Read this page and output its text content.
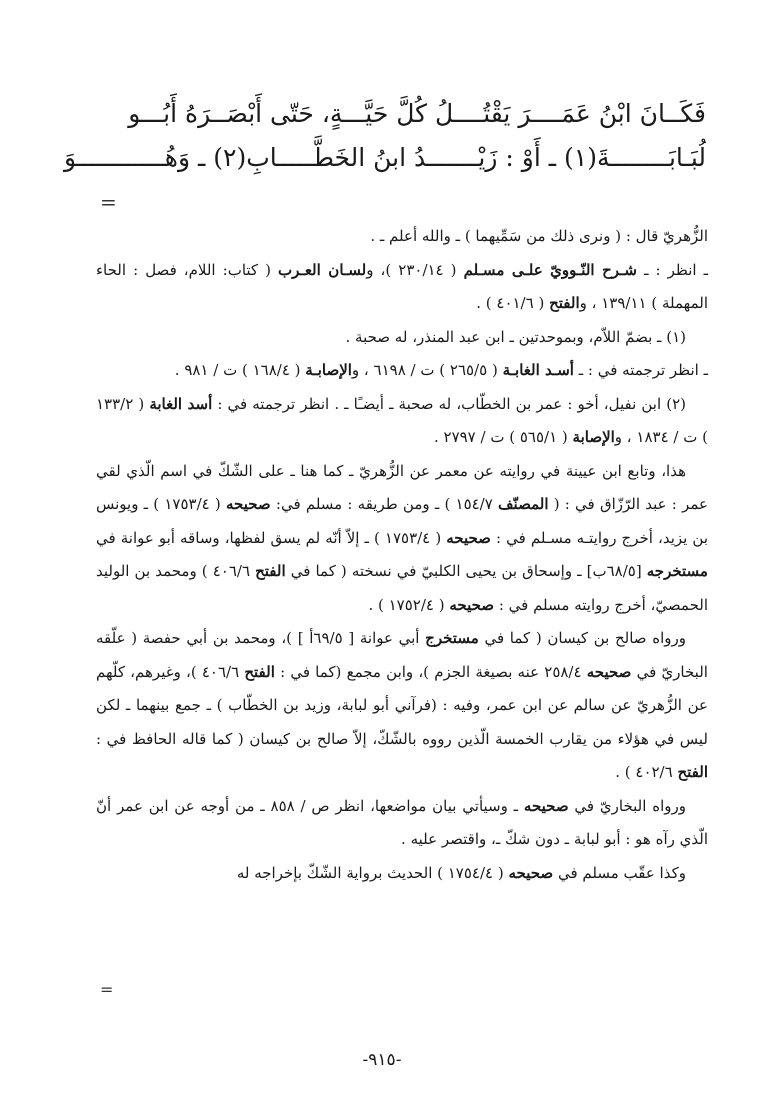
فَكَــانَ ابْنُ عَمَــــرَ يَقْتُــــلُ كُلَّ حَيَّـــةٍ، حَتّى أَبْصَــرَهُ أَبُـــو
لُبَـابَــــــــةَ(١) ـ أَوْ : زَيْـــــــدُ ابنُ الخَطَّـــــابِ(٢) ـ وَهُــــــــــــوَ
=

الزُّهريّ قال : ( ونرى ذلك من سَمِّيهما ) ـ والله أعلم ـ .

ـ انظر : ـ شـرح النّـوويّ علـى مسـلم ( ٢٣٠/١٤ )، ولسـان العـرب ( كتاب: اللام، فصل : الحاء المهملة ) ١٣٩/١١ ، والفتح ( ٤٠١/٦ ) .

(١) ـ بضمّ اللاّم، وبموحدتين ـ ابن عبد المنذر، له صحبة .

ـ انظر ترجمته في : ـ أسـد الغابـة ( ٢٦٥/٥ ) ت / ٦١٩٨ ، والإصابـة ( ١٦٨/٤ ) ت / ٩٨١ .

(٢) ابن نفيل، أخو : عمر بن الخطّاب، له صحبة ـ أيضـًا ـ . انظر ترجمته في : أسد الغابة ( ١٣٣/٢ ) ت / ١٨٣٤ ، والإصابة ( ٥٦٥/١ ) ت / ٢٧٩٧ .

هذا، وتابع ابن عيينة في روايته عن معمر عن الزُّهريّ ـ كما هنا ـ على الشّكّ في اسم الّذي لقي عمر : عبد الرّزّاق في : ( المصنّف ١٥٤/٧ ) ـ ومن طريقه : مسلم في: صحيحه ( ١٧٥٣/٤ ) ـ ويونس بن يزيد، أخرج روايتـه مسـلم في : صحيحه ( ١٧٥٣/٤ ) ـ إلاّ أنّه لم يسق لفظها، وساقه أبو عوانة في مستخرجه [٦٨/٥ب] ـ وإسحاق بن يحيى الكلبيّ في نسخته ( كما في الفتح ٤٠٦/٦ ) ومحمد بن الوليد الحمصيّ، أخرج روايته مسلم في : صحيحه ( ١٧٥٢/٤ ) .

ورواه صالح بن كيسان ( كما في مستخرج أبي عوانة [ ٦٩/٥أ ] )، ومحمد بن أبي حفصة ( علّقه البخاريّ في صحيحه ٢٥٨/٤ عنه بصيغة الجزم )، وابن مجمع (كما في : الفتح ٤٠٦/٦ )، وغيرهم، كلّهم عن الزُّهريّ عن سالم عن ابن عمر، وفيه : (فرآني أبو لبابة، وزيد بن الخطّاب ) ـ جمع بينهما ـ لكن ليس في هؤلاء من يقارب الخمسة الّذين رووه بالشّكّ، إلاّ صالح بن كيسان ( كما قاله الحافظ في : الفتح ٤٠٢/٦ ) .

ورواه البخاريّ في صحيحه ـ وسيأتي بيان مواضعها، انظر ص / ٨٥٨ ـ من أوجه عن ابن عمر أنّ الّذي رآه هو : أبو لبابة ـ دون شكّ ـ، واقتصر عليه .

وكذا عقّب مسلم في صحيحه ( ١٧٥٤/٤ ) الحديث برواية الشّكّ بإخراجه له

=
-٩١٥-
